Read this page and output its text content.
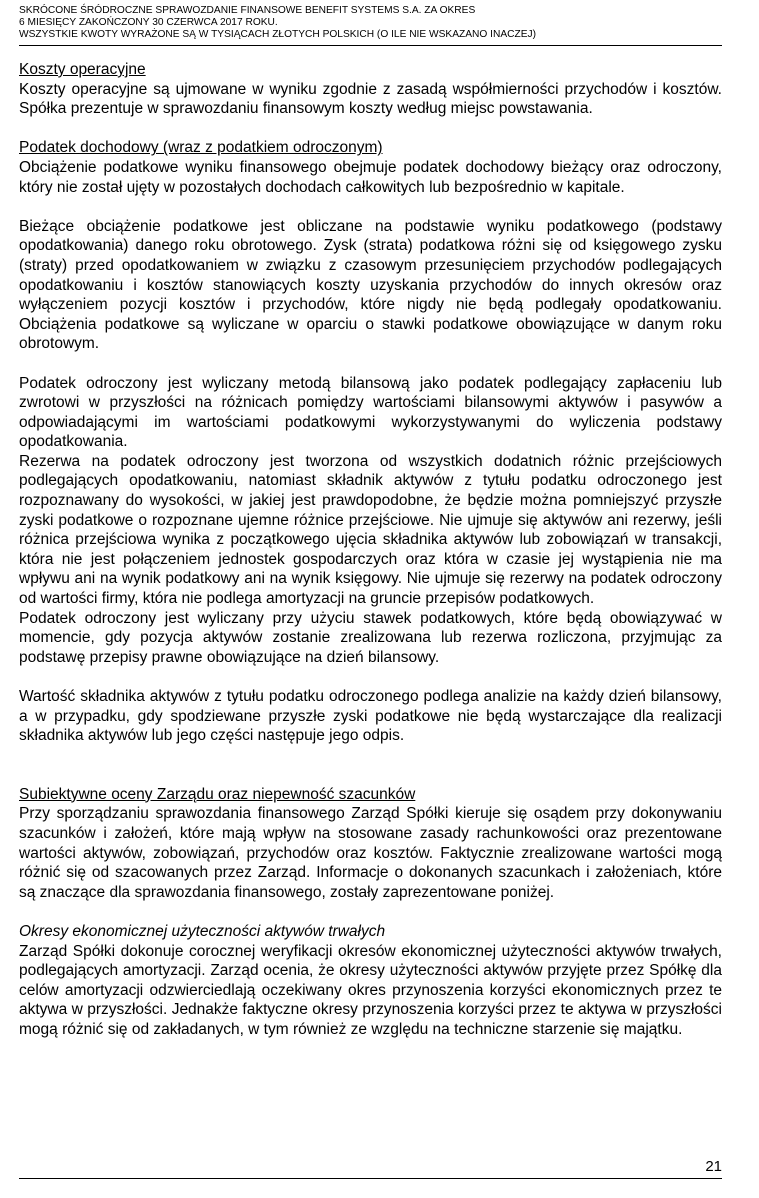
SKRÓCONE ŚRÓDROCZNE SPRAWOZDANIE FINANSOWE BENEFIT SYSTEMS S.A. ZA OKRES
6 MIESIĘCY ZAKOŃCZONY 30 CZERWCA 2017 ROKU.
WSZYSTKIE KWOTY WYRAŻONE SĄ W TYSIĄCACH ZŁOTYCH POLSKICH (O ILE NIE WSKAZANO INACZEJ)
Koszty operacyjne

Koszty operacyjne są ujmowane w wyniku zgodnie z zasadą współmierności przychodów i kosztów. Spółka prezentuje w sprawozdaniu finansowym koszty według miejsc powstawania.

Podatek dochodowy (wraz z podatkiem odroczonym)

Obciążenie podatkowe wyniku finansowego obejmuje podatek dochodowy bieżący oraz odroczony, który nie został ujęty w pozostałych dochodach całkowitych lub bezpośrednio w kapitale.

Bieżące obciążenie podatkowe jest obliczane na podstawie wyniku podatkowego (podstawy opodatkowania) danego roku obrotowego. Zysk (strata) podatkowa różni się od księgowego zysku (straty) przed opodatkowaniem w związku z czasowym przesunięciem przychodów podlegających opodatkowaniu i kosztów stanowiących koszty uzyskania przychodów do innych okresów oraz wyłączeniem pozycji kosztów i przychodów, które nigdy nie będą podlegały opodatkowaniu. Obciążenia podatkowe są wyliczane w oparciu o stawki podatkowe obowiązujące w danym roku obrotowym.

Podatek odroczony jest wyliczany metodą bilansową jako podatek podlegający zapłaceniu lub zwrotowi w przyszłości na różnicach pomiędzy wartościami bilansowymi aktywów i pasywów a odpowiadającymi im wartościami podatkowymi wykorzystywanymi do wyliczenia podstawy opodatkowania.

Rezerwa na podatek odroczony jest tworzona od wszystkich dodatnich różnic przejściowych podlegających opodatkowaniu, natomiast składnik aktywów z tytułu podatku odroczonego jest rozpoznawany do wysokości, w jakiej jest prawdopodobne, że będzie można pomniejszyć przyszłe zyski podatkowe o rozpoznane ujemne różnice przejściowe. Nie ujmuje się aktywów ani rezerwy, jeśli różnica przejściowa wynika z początkowego ujęcia składnika aktywów lub zobowiązań w transakcji, która nie jest połączeniem jednostek gospodarczych oraz która w czasie jej wystąpienia nie ma wpływu ani na wynik podatkowy ani na wynik księgowy. Nie ujmuje się rezerwy na podatek odroczony od wartości firmy, która nie podlega amortyzacji na gruncie przepisów podatkowych.

Podatek odroczony jest wyliczany przy użyciu stawek podatkowych, które będą obowiązywać w momencie, gdy pozycja aktywów zostanie zrealizowana lub rezerwa rozliczona, przyjmując za podstawę przepisy prawne obowiązujące na dzień bilansowy.

Wartość składnika aktywów z tytułu podatku odroczonego podlega analizie na każdy dzień bilansowy, a w przypadku, gdy spodziewane przyszłe zyski podatkowe nie będą wystarczające dla realizacji składnika aktywów lub jego części następuje jego odpis.

Subiektywne oceny Zarządu oraz niepewność szacunków

Przy sporządzaniu sprawozdania finansowego Zarząd Spółki kieruje się osądem przy dokonywaniu szacunków i założeń, które mają wpływ na stosowane zasady rachunkowości oraz prezentowane wartości aktywów, zobowiązań, przychodów oraz kosztów. Faktycznie zrealizowane wartości mogą różnić się od szacowanych przez Zarząd. Informacje o dokonanych szacunkach i założeniach, które są znaczące dla sprawozdania finansowego, zostały zaprezentowane poniżej.

Okresy ekonomicznej użyteczności aktywów trwałych

Zarząd Spółki dokonuje corocznej weryfikacji okresów ekonomicznej użyteczności aktywów trwałych, podlegających amortyzacji. Zarząd ocenia, że okresy użyteczności aktywów przyjęte przez Spółkę dla celów amortyzacji odzwierciedlają oczekiwany okres przynoszenia korzyści ekonomicznych przez te aktywa w przyszłości. Jednakże faktyczne okresy przynoszenia korzyści przez te aktywa w przyszłości mogą różnić się od zakładanych, w tym również ze względu na techniczne starzenie się majątku.

21
